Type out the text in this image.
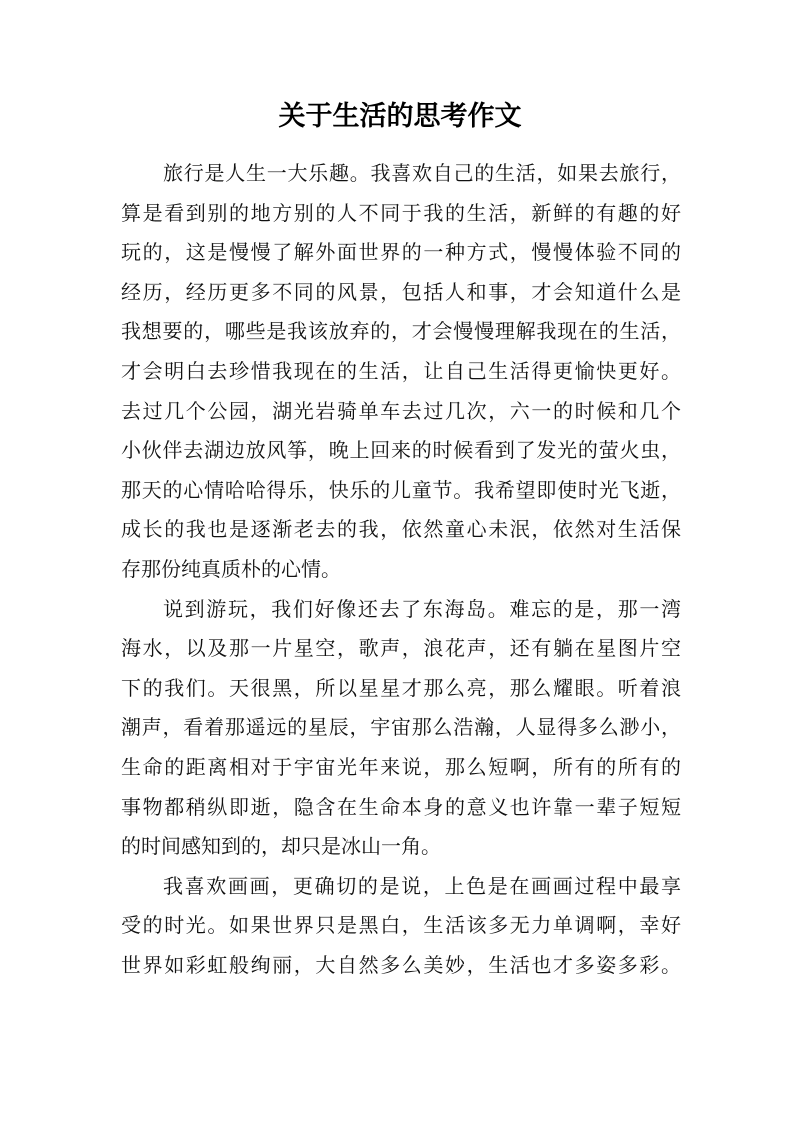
关于生活的思考作文
旅行是人生一大乐趣。我喜欢自己的生活，如果去旅行，
算是看到别的地方别的人不同于我的生活，新鲜的有趣的好
玩的，这是慢慢了解外面世界的一种方式，慢慢体验不同的
经历，经历更多不同的风景，包括人和事，才会知道什么是
我想要的，哪些是我该放弃的，才会慢慢理解我现在的生活，
才会明白去珍惜我现在的生活，让自己生活得更愉快更好。
去过几个公园，湖光岩骑单车去过几次，六一的时候和几个
小伙伴去湖边放风筝，晚上回来的时候看到了发光的萤火虫，
那天的心情哈哈得乐，快乐的儿童节。我希望即使时光飞逝，
成长的我也是逐渐老去的我，依然童心未泯，依然对生活保
存那份纯真质朴的心情。
说到游玩，我们好像还去了东海岛。难忘的是，那一湾
海水，以及那一片星空，歌声，浪花声，还有躺在星图片空
下的我们。天很黑，所以星星才那么亮，那么耀眼。听着浪
潮声，看着那遥远的星辰，宇宙那么浩瀚，人显得多么渺小，
生命的距离相对于宇宙光年来说，那么短啊，所有的所有的
事物都稍纵即逝，隐含在生命本身的意义也许靠一辈子短短
的时间感知到的，却只是冰山一角。
我喜欢画画，更确切的是说，上色是在画画过程中最享
受的时光。如果世界只是黑白，生活该多无力单调啊，幸好
世界如彩虹般绚丽，大自然多么美妙，生活也才多姿多彩。
